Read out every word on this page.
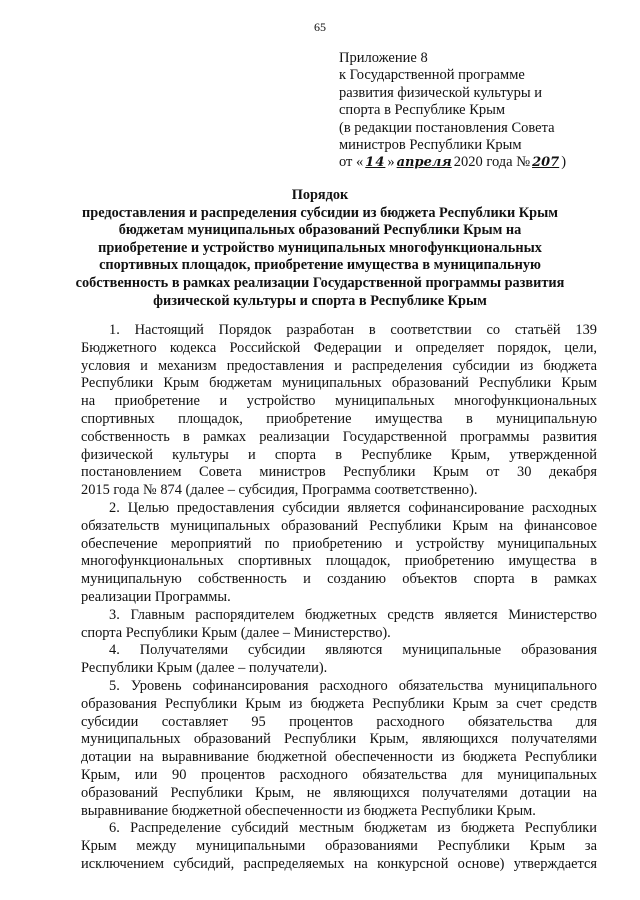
65
Приложение 8
к Государственной программе
развития физической культуры и
спорта в Республике Крым
(в редакции постановления Совета
министров Республики Крым
от « 14 » апреля 2020 года № 207 )
Порядок
предоставления и распределения субсидии из бюджета Республики Крым
бюджетам муниципальных образований Республики Крым на
приобретение и устройство муниципальных многофункциональных
спортивных площадок, приобретение имущества в муниципальную
собственность в рамках реализации Государственной программы развития
физической культуры и спорта в Республике Крым
1. Настоящий Порядок разработан в соответствии со статьёй 139
Бюджетного кодекса Российской Федерации и определяет порядок, цели,
условия и механизм предоставления и распределения субсидии из бюджета
Республики Крым бюджетам муниципальных образований Республики Крым
на приобретение и устройство муниципальных многофункциональных
спортивных площадок, приобретение имущества в муниципальную
собственность в рамках реализации Государственной программы развития
физической культуры и спорта в Республике Крым, утвержденной
постановлением Совета министров Республики Крым от 30 декабря
2015 года № 874 (далее – субсидия, Программа соответственно).
2. Целью предоставления субсидии является софинансирование расходных
обязательств муниципальных образований Республики Крым на финансовое
обеспечение мероприятий по приобретению и устройству муниципальных
многофункциональных спортивных площадок, приобретению имущества в
муниципальную собственность и созданию объектов спорта в рамках
реализации Программы.
3. Главным распорядителем бюджетных средств является Министерство
спорта Республики Крым (далее – Министерство).
4. Получателями субсидии являются муниципальные образования
Республики Крым (далее – получатели).
5. Уровень софинансирования расходного обязательства муниципального
образования Республики Крым из бюджета Республики Крым за счет средств
субсидии составляет 95 процентов расходного обязательства для
муниципальных образований Республики Крым, являющихся получателями
дотации на выравнивание бюджетной обеспеченности из бюджета Республики
Крым, или 90 процентов расходного обязательства для муниципальных
образований Республики Крым, не являющихся получателями дотации на
выравнивание бюджетной обеспеченности из бюджета Республики Крым.
6. Распределение субсидий местным бюджетам из бюджета Республики
Крым между муниципальными образованиями Республики Крым за
исключением субсидий, распределяемых на конкурсной основе) утверждается
